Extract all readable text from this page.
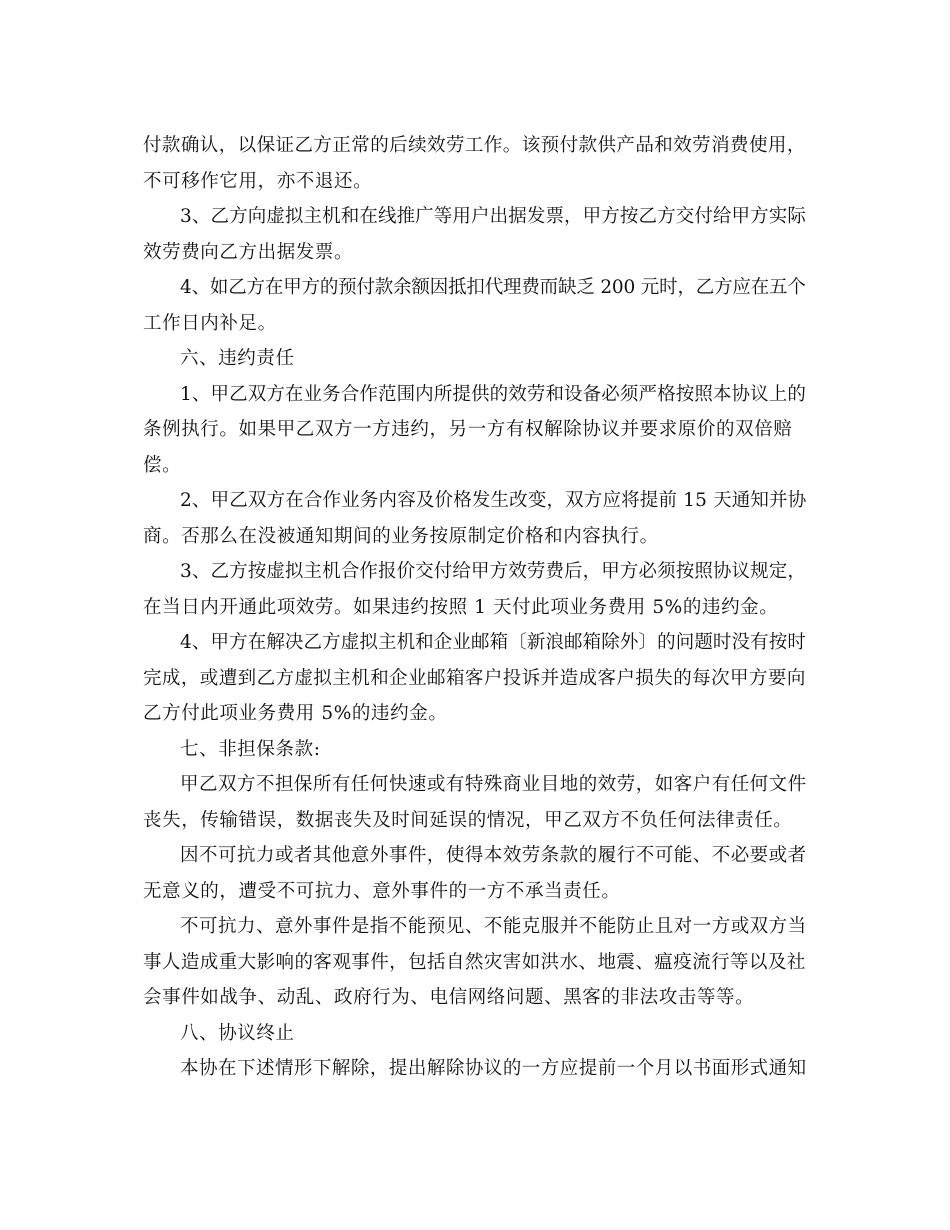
付款确认，以保证乙方正常的后续效劳工作。该预付款供产品和效劳消费使用，
不可移作它用，亦不退还。

3、乙方向虚拟主机和在线推广等用户出据发票，甲方按乙方交付给甲方实际
效劳费向乙方出据发票。

4、如乙方在甲方的预付款余额因抵扣代理费而缺乏 200 元时，乙方应在五个
工作日内补足。

六、违约责任

1、甲乙双方在业务合作范围内所提供的效劳和设备必须严格按照本协议上的
条例执行。如果甲乙双方一方违约，另一方有权解除协议并要求原价的双倍赔
偿。

2、甲乙双方在合作业务内容及价格发生改变，双方应将提前 15 天通知并协
商。否那么在没被通知期间的业务按原制定价格和内容执行。

3、乙方按虚拟主机合作报价交付给甲方效劳费后，甲方必须按照协议规定，
在当日内开通此项效劳。如果违约按照 1 天付此项业务费用 5%的违约金。

4、甲方在解决乙方虚拟主机和企业邮箱〔新浪邮箱除外〕的问题时没有按时
完成，或遭到乙方虚拟主机和企业邮箱客户投诉并造成客户损失的每次甲方要向
乙方付此项业务费用 5%的违约金。

七、非担保条款:

甲乙双方不担保所有任何快速或有特殊商业目地的效劳，如客户有任何文件
丧失，传输错误，数据丧失及时间延误的情况，甲乙双方不负任何法律责任。

因不可抗力或者其他意外事件，使得本效劳条款的履行不可能、不必要或者
无意义的，遭受不可抗力、意外事件的一方不承当责任。

不可抗力、意外事件是指不能预见、不能克服并不能防止且对一方或双方当
事人造成重大影响的客观事件，包括自然灾害如洪水、地震、瘟疫流行等以及社
会事件如战争、动乱、政府行为、电信网络问题、黑客的非法攻击等等。

八、协议终止

本协在下述情形下解除，提出解除协议的一方应提前一个月以书面形式通知
